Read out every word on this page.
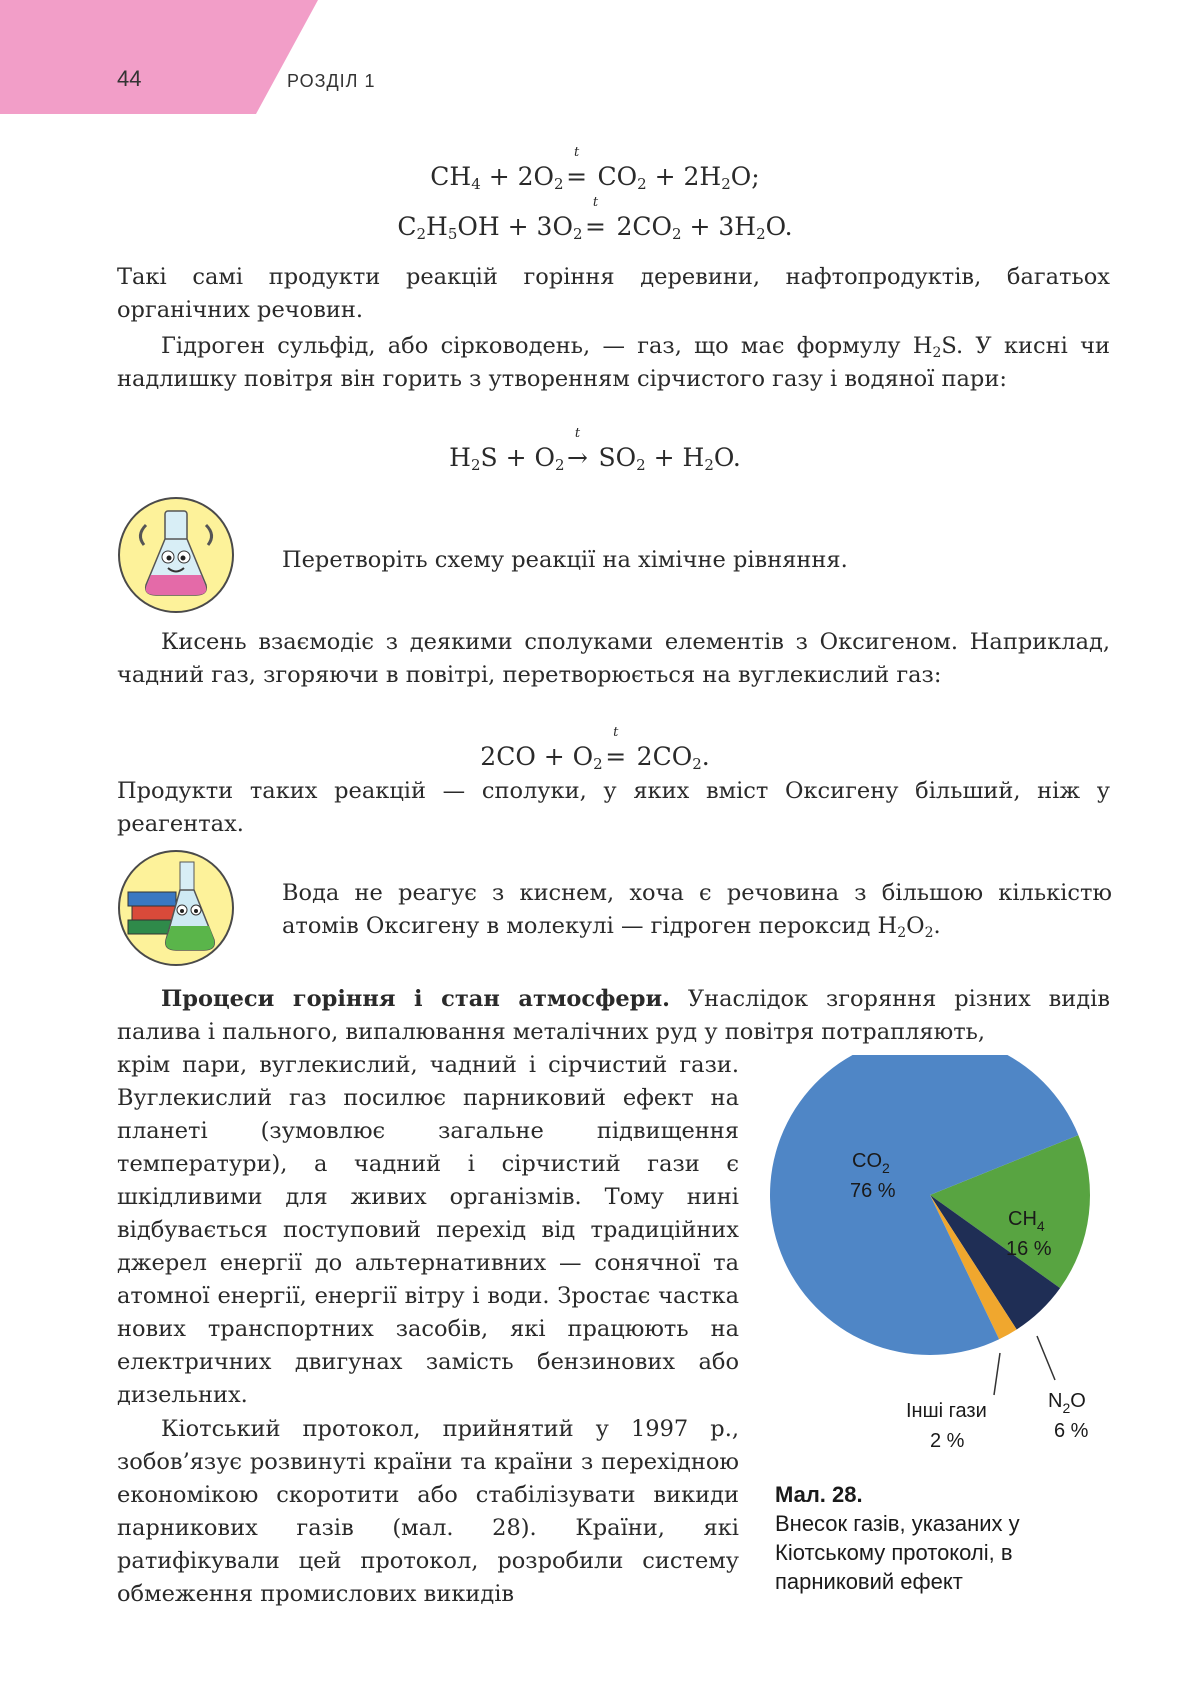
44	РОЗДІЛ 1
$CH_4 + 2O_2$
t
= $CO_2 + 2H_2O$;
$C_2H_5OH + 3O_2$
t
= $2CO_2 + 3H_2O$.

Такі самі продукти реакцій горіння деревини, нафтопродуктів, багатьох органічних речовин.

Гідроген сульфід, або сірководень, — газ, що має формулу $H_2S$. У кисні чи надлишку повітря він горить з утворенням сірчистого газу і водяної пари:

$H_2S + O_2$
t
→ $SO_2 + H_2O$.

Перетворіть схему реакції на хімічне рівняння.

Кисень взаємодіє з деякими сполуками елементів з Оксигеном. Наприклад, чадний газ, згоряючи в повітрі, перетворюється на вуглекислий газ:

$2CO + O_2$
t
= $2CO_2$.

Продукти таких реакцій — сполуки, у яких вміст Оксигену більший, ніж у реагентах.

Вода не реагує з киснем, хоча є речовина з більшою кількістю атомів Оксигену в молекулі — гідроген пероксид $H_2O_2$.

Процеси горіння і стан атмосфери. Унаслідок згоряння різних видів палива і пального, випалювання металічних руд у повітря потрапляють,

крім пари, вуглекислий, чадний і сірчистий гази. Вуглекислий газ посилює парниковий ефект на планеті (зумовлює загальне підвищення температури), а чадний і сірчистий гази є шкідливими для живих організмів. Тому нині відбувається поступовий перехід від традиційних джерел енергії до альтернативних — сонячної та атомної енергії, енергії вітру і води. Зростає частка нових транспортних засобів, які працюють на електричних двигунах замість бензинових або дизельних.

Кіотський протокол, прийнятий у 1997 р., зобов’язує розвинуті країни та країни з перехідною економікою скоротити або стабілізувати викиди парникових газів (мал. 28). Країни, які ратифікували цей протокол, розробили систему обмеження промислових викидів

$CO_2$
76 %
$CH_4$
16 %
$N_2O$
6 %
Інші гази
2 %
Мал. 28.
Внесок газів, указаних у Кіотському протоколі, в парниковий ефект
